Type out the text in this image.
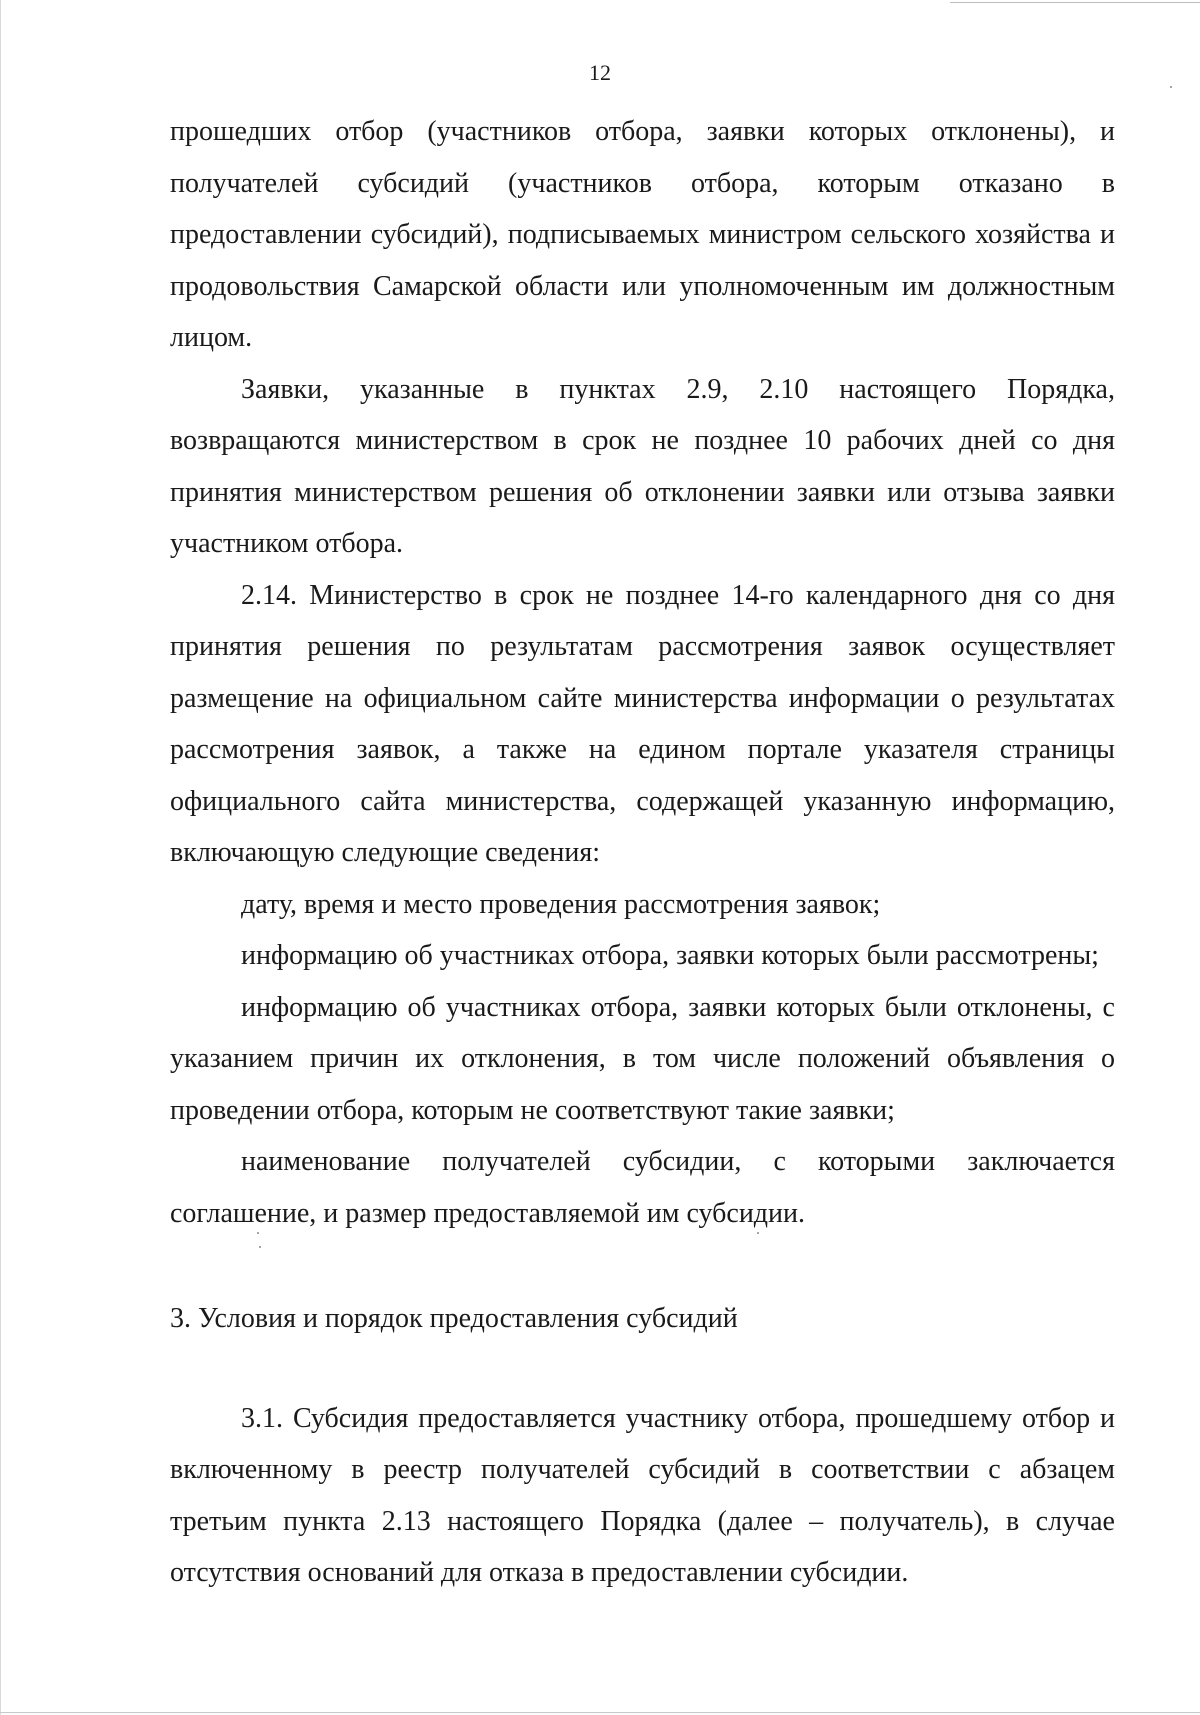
12

прошедших отбор (участников отбора, заявки которых отклонены), и получателей субсидий (участников отбора, которым отказано в предоставлении субсидий), подписываемых министром сельского хозяйства и продовольствия Самарской области или уполномоченным им должностным лицом.

Заявки, указанные в пунктах 2.9, 2.10 настоящего Порядка, возвращаются министерством в срок не позднее 10 рабочих дней со дня принятия министерством решения об отклонении заявки или отзыва заявки участником отбора.

2.14. Министерство в срок не позднее 14-го календарного дня со дня принятия решения по результатам рассмотрения заявок осуществляет размещение на официальном сайте министерства информации о результатах рассмотрения заявок, а также на едином портале указателя страницы официального сайта министерства, содержащей указанную информацию, включающую следующие сведения:

дату, время и место проведения рассмотрения заявок;

информацию об участниках отбора, заявки которых были рассмотрены;

информацию об участниках отбора, заявки которых были отклонены, с указанием причин их отклонения, в том числе положений объявления о проведении отбора, которым не соответствуют такие заявки;

наименование получателей субсидии, с которыми заключается соглашение, и размер предоставляемой им субсидии.

3. Условия и порядок предоставления субсидий

3.1. Субсидия предоставляется участнику отбора, прошедшему отбор и включенному в реестр получателей субсидий в соответствии с абзацем третьим пункта 2.13 настоящего Порядка (далее – получатель), в случае отсутствия оснований для отказа в предоставлении субсидии.
